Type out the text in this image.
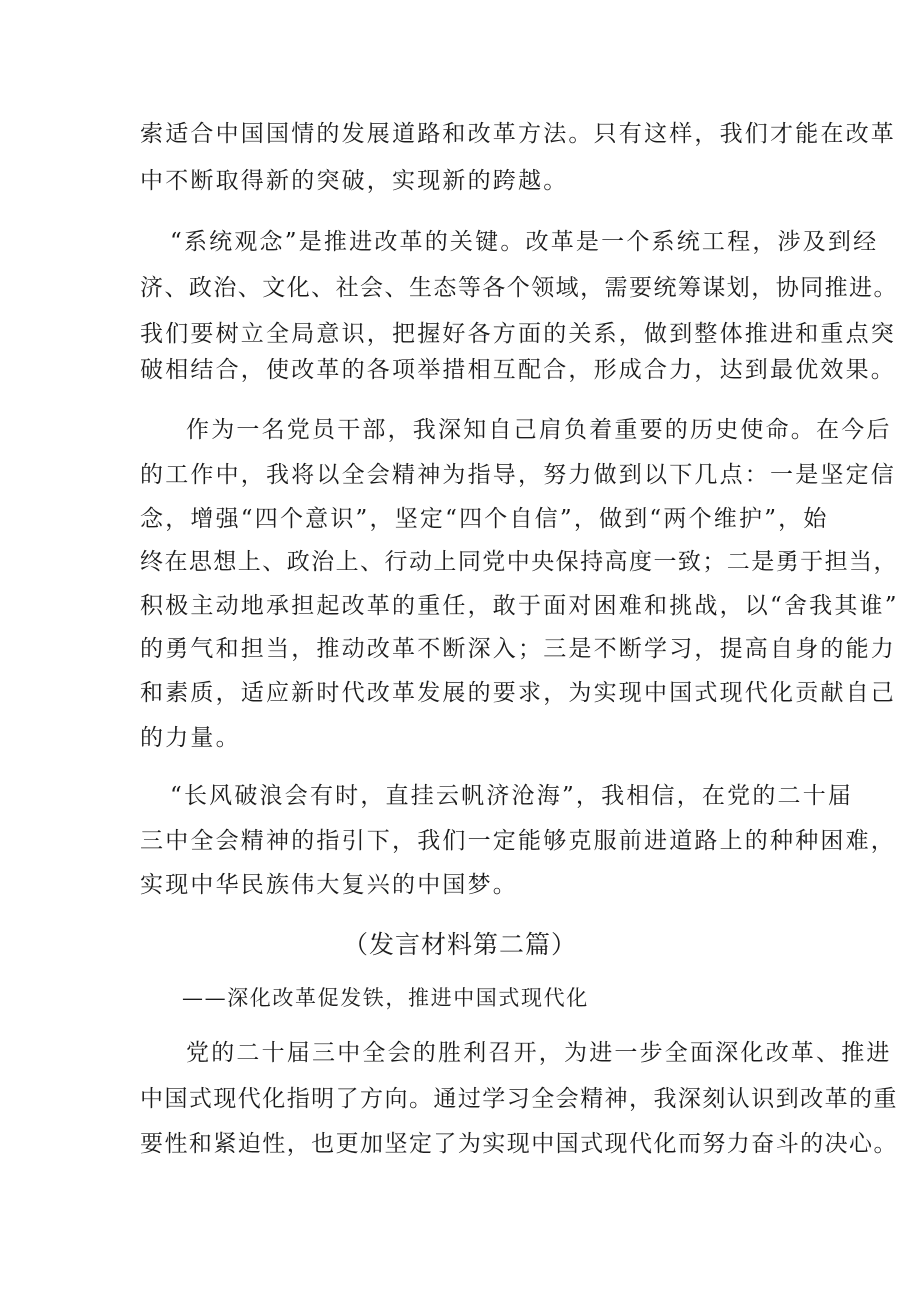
索适合中国国情的发展道路和改革方法。只有这样，我们才能在改革
中不断取得新的突破，实现新的跨越。
“系统观念”是推进改革的关键。改革是一个系统工程，涉及到经
济、政治、文化、社会、生态等各个领域，需要统筹谋划，协同推进。
我们要树立全局意识，把握好各方面的关系，做到整体推进和重点突
破相结合，使改革的各项举措相互配合，形成合力，达到最优效果。
作为一名党员干部，我深知自己肩负着重要的历史使命。在今后
的工作中，我将以全会精神为指导，努力做到以下几点：一是坚定信
念，增强“四个意识”，坚定“四个自信”，做到“两个维护”，始
终在思想上、政治上、行动上同党中央保持高度一致；二是勇于担当，
积极主动地承担起改革的重任，敢于面对困难和挑战，以“舍我其谁”
的勇气和担当，推动改革不断深入；三是不断学习，提高自身的能力
和素质，适应新时代改革发展的要求，为实现中国式现代化贡献自己
的力量。
“长风破浪会有时，直挂云帆济沧海”，我相信，在党的二十届
三中全会精神的指引下，我们一定能够克服前进道路上的种种困难，
实现中华民族伟大复兴的中国梦。
（发言材料第二篇）
——深化改革促发铁，推进中国式现代化
党的二十届三中全会的胜利召开，为进一步全面深化改革、推进
中国式现代化指明了方向。通过学习全会精神，我深刻认识到改革的重
要性和紧迫性，也更加坚定了为实现中国式现代化而努力奋斗的决心。
